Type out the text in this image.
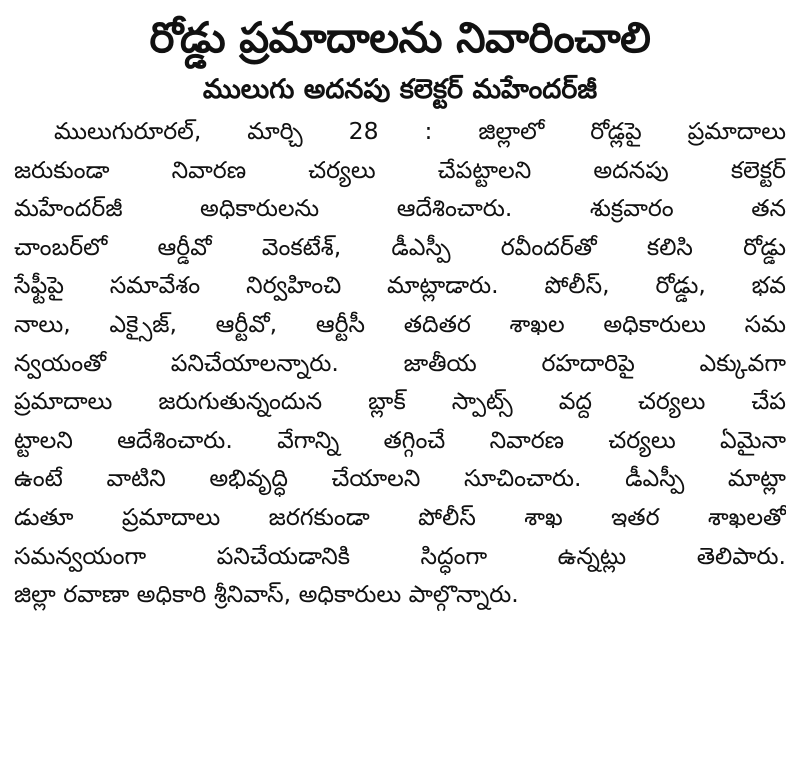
రోడ్డు ప్రమాదాలను నివారించాలి
ములుగు అదనపు కలెక్టర్ మహేందర్‌జీ
ములుగురూరల్, మార్చి 28 : జిల్లాలో రోడ్లపై ప్రమాదాలు
జరుకుండా నివారణ చర్యలు చేపట్టాలని అదనపు కలెక్టర్
మహేందర్‌జీ అధికారులను ఆదేశించారు. శుక్రవారం తన
చాంబర్‌లో ఆర్డీవో వెంకటేశ్, డీఎస్పీ రవీందర్‌తో కలిసి రోడ్డు
సేఫ్టీపై సమావేశం నిర్వహించి మాట్లాడారు. పోలీస్, రోడ్డు, భవ
నాలు, ఎక్సైజ్, ఆర్టీవో, ఆర్టీసీ తదితర శాఖల అధికారులు సమ
న్వయంతో పనిచేయాలన్నారు. జాతీయ రహదారిపై ఎక్కువగా
ప్రమాదాలు జరుగుతున్నందున బ్లాక్ స్పాట్స్ వద్ద చర్యలు చేప
ట్టాలని ఆదేశించారు. వేగాన్ని తగ్గించే నివారణ చర్యలు ఏమైనా
ఉంటే వాటిని అభివృద్ధి చేయాలని సూచించారు. డీఎస్పీ మాట్లా
డుతూ ప్రమాదాలు జరగకుండా పోలీస్ శాఖ ఇతర శాఖలతో
సమన్వయంగా పనిచేయడానికి సిద్ధంగా ఉన్నట్లు తెలిపారు.
జిల్లా రవాణా అధికారి శ్రీనివాస్, అధికారులు పాల్గొన్నారు.
